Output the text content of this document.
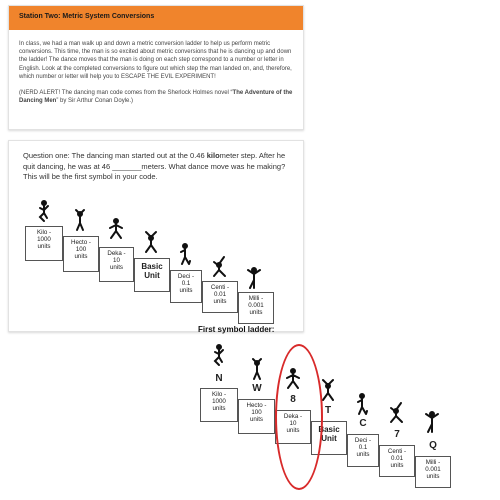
Station Two: Metric System Conversions

In class, we had a man walk up and down a metric conversion ladder to help us perform metric conversions. This time, the man is so excited about metric conversions that he is dancing up and down the ladder! The dance moves that the man is doing on each step correspond to a number or letter in English. Look at the completed conversions to figure out which step the man landed on, and, therefore, which number or letter will help you to ESCAPE THE EVIL EXPERIMENT!

(NERD ALERT! The dancing man code comes from the Sherlock Holmes novel “The Adventure of the Dancing Men” by Sir Arthur Conan Doyle.)

Question one: The dancing man started out at the 0.46 kilometer step. After he quit dancing, he was at 46 _______meters. What dance move was he making? This will be the first symbol in your code.
Kilo -
1000
units
Hecto -
100
units	Deka -
10
units	Basic
Unit	Deci -
0.1
units	Centi -
0.01
units	Milli -
0.001
units
First symbol ladder:
Kilo -
1000
units	Hecto -
100
units	Deka -
10
units	Basic
Unit	Deci -
0.1
units	Centi -
0.01
units	Milli -
0.001
units
N
W
8
T
C
7
Q
